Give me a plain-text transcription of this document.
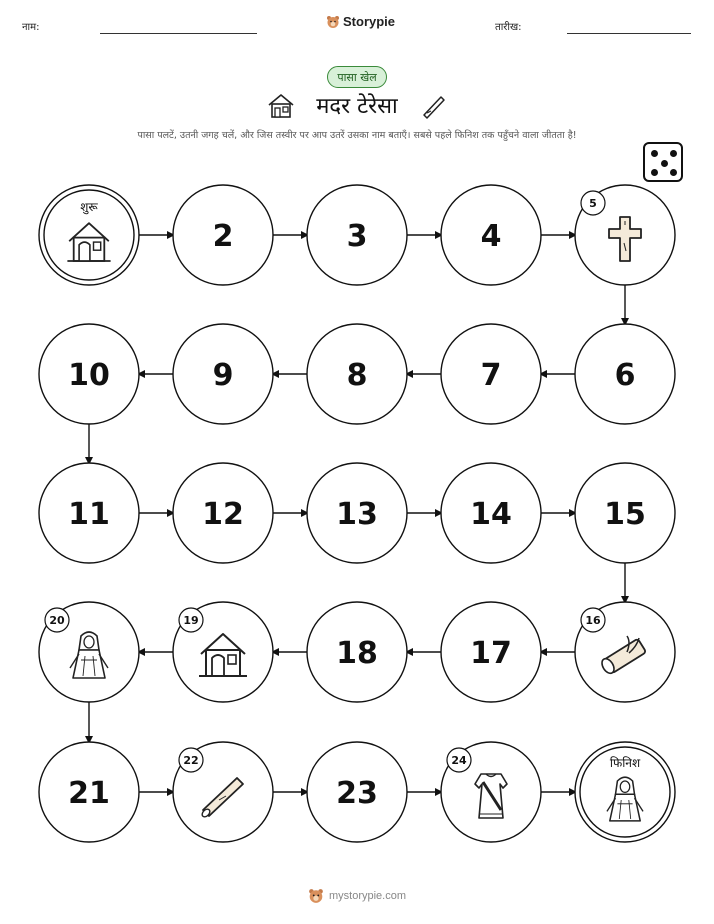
नाम:	Storypie	तारीख:
पासा खेल
मदर टेरेसा
पासा पलटें, उतनी जगह चलें, और जिस तस्वीर पर आप उतरें उसका नाम बताएँ। सबसे पहले फिनिश तक पहुँचने वाला जीतता है!
शुरू
फिनिश
2	3	4
5
6
7
8
9
10
11	12	13	14	15
16
17
18
19
20
21
22
23
24
mystorypie.com
